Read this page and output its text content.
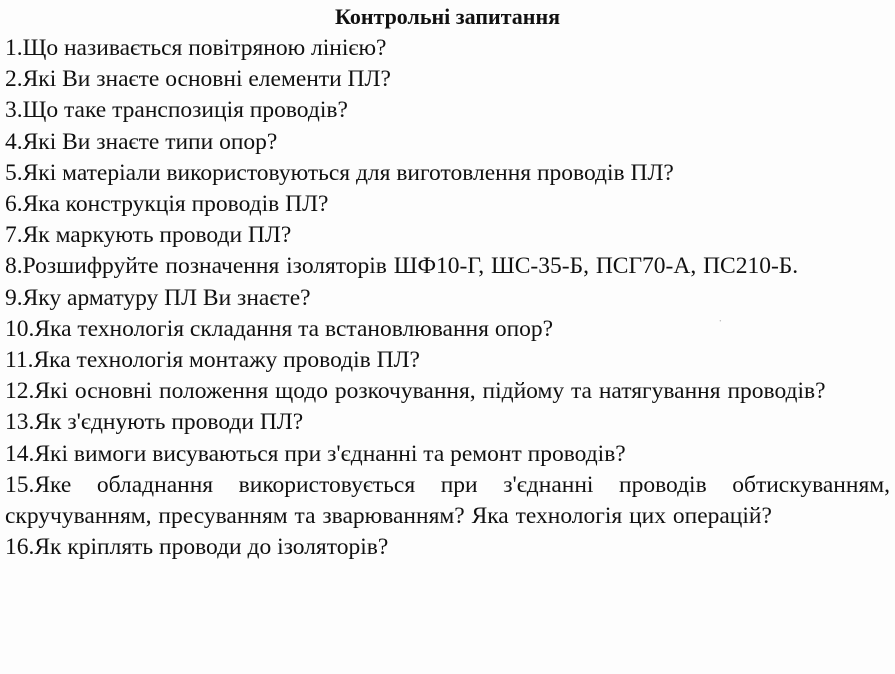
Контрольні запитання
1.Що називається повітряною лінією?
2.Які Ви знаєте основні елементи ПЛ?
3.Що таке транспозиція проводів?
4.Які Ви знаєте типи опор?
5.Які матеріали використовуються для виготовлення проводів ПЛ?
6.Яка конструкція проводів ПЛ?
7.Як маркують проводи ПЛ?
8.Розшифруйте позначення ізоляторів ШФ10-Г, ШС-35-Б, ПСГ70-А, ПС210-Б.
9.Яку арматуру ПЛ Ви знаєте?
10.Яка технологія складання та встановлювання опор?
11.Яка технологія монтажу проводів ПЛ?
12.Які основні положення щодо розкочування, підйому та натягування проводів?
13.Як з'єднують проводи ПЛ?
14.Які вимоги висуваються при з'єднанні та ремонт проводів?
15.Яке обладнання використовується при з'єднанні проводів обтискуванням, скручуванням, пресуванням та зварюванням? Яка технологія цих операцій?
16.Як кріплять проводи до ізоляторів?
˙
